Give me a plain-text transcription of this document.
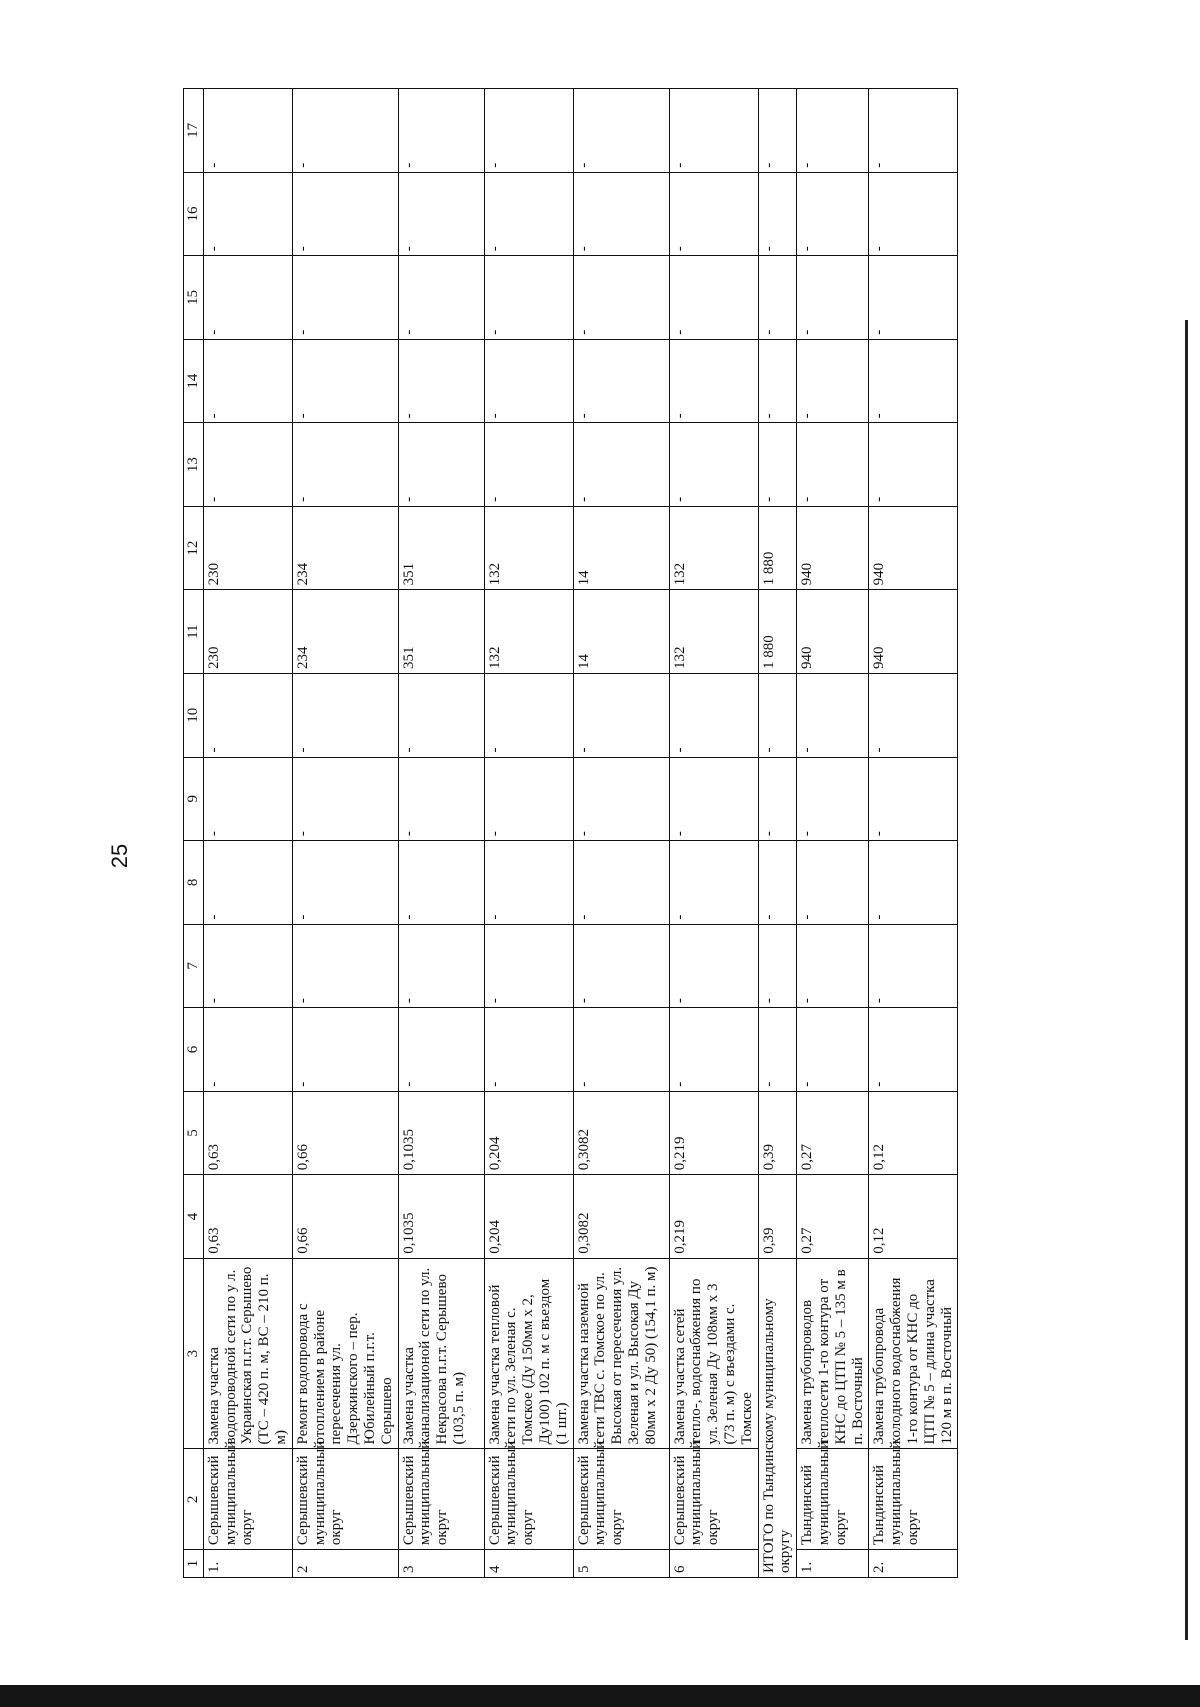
25
1	2	3	4	5	6	7	8	9	10	11	12	13	14	15	16	17
1.	Серышевский муниципальный округ	Замена участка водопроводной сети по у л. Украинская п.г.т. Серышево (ТС – 420 п. м, ВС – 210 п. м)	0,63	0,63	-	-	-	-	-	230	230	-	-	-	-	-
2	Серышевский муниципальный округ	Ремонт водопровода с отоплением в районе пересечения ул. Дзержинского – пер. Юбилейный п.г.т. Серышево	0,66	0,66	-	-	-	-	-	234	234	-	-	-	-	-
3	Серышевский муниципальный округ	Замена участка канализационой сети по ул. Некрасова п.г.т. Серышево (103,5 п. м)	0,1035	0,1035	-	-	-	-	-	351	351	-	-	-	-	-
4	Серышевский муниципальный округ	Замена участка тепловой сети по ул. Зеленая с. Томское (Ду 150мм х 2, Ду100) 102 п. м с въездом (1 шт.)	0,204	0,204	-	-	-	-	-	132	132	-	-	-	-	-
5	Серышевский муниципальный округ	Замена участка наземной сети ТВС с. Томское по ул. Высокая от пересечения ул. Зеленая и ул. Высокая Ду 80мм х 2 Ду 50) (154,1 п. м)	0,3082	0,3082	-	-	-	-	-	14	14	-	-	-	-	-
6	Серышевский муниципальный округ	Замена участка сетей тепло-, водоснабжения по ул. Зеленая Ду 108мм х 3 (73 п. м) с въездами с. Томское	0,219	0,219	-	-	-	-	-	132	132	-	-	-	-	-
ИТОГО по Тындинскому муниципальному округу			0,39	0,39	-	-	-	-	-	1 880	1 880	-	-	-	-	-
1.	Тындинский муниципальный округ	Замена трубопроводов теплосети 1-го контура от КНС до ЦТП № 5 – 135 м в п. Восточный	0,27	0,27	-	-	-	-	-	940	940	-	-	-	-	-
2.	Тындинский муниципальный округ	Замена трубопровода холодного водоснабжения 1-го контура от КНС до ЦТП № 5 – длина участка 120 м в п. Восточный	0,12	0,12	-	-	-	-	-	940	940	-	-	-	-	-
